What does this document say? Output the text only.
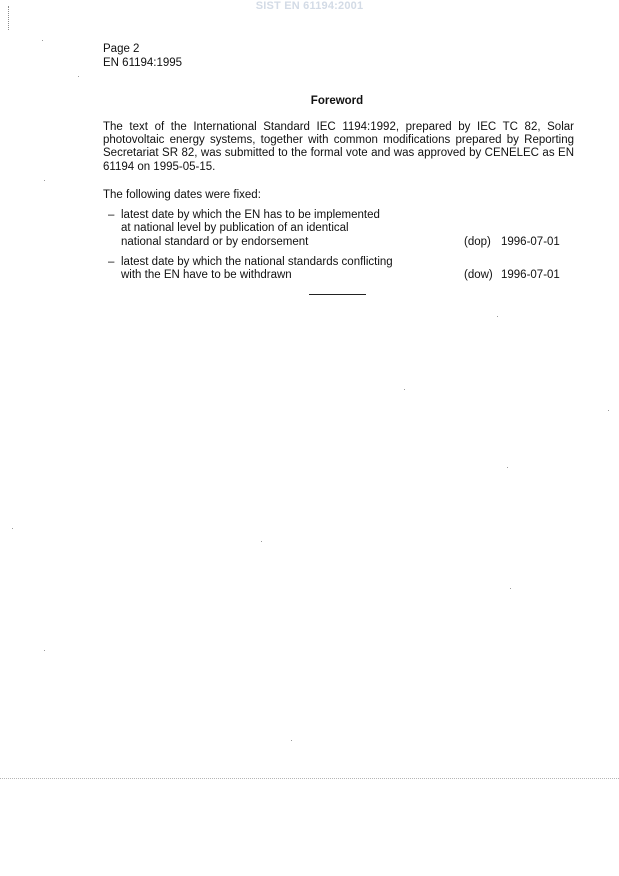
SIST EN 61194:2001
Page 2
EN 61194:1995
Foreword
The text of the International Standard IEC 1194:1992, prepared by IEC TC 82, Solar photovoltaic energy systems, together with common modifications prepared by Reporting Secretariat SR 82, was submitted to the formal vote and was approved by CENELEC as EN 61194 on 1995-05-15.
The following dates were fixed:
– latest date by which the EN has to be implemented
at national level by publication of an identical
national standard or by endorsement	(dop) 1996-07-01
– latest date by which the national standards conflicting
with the EN have to be withdrawn	(dow) 1996-07-01
